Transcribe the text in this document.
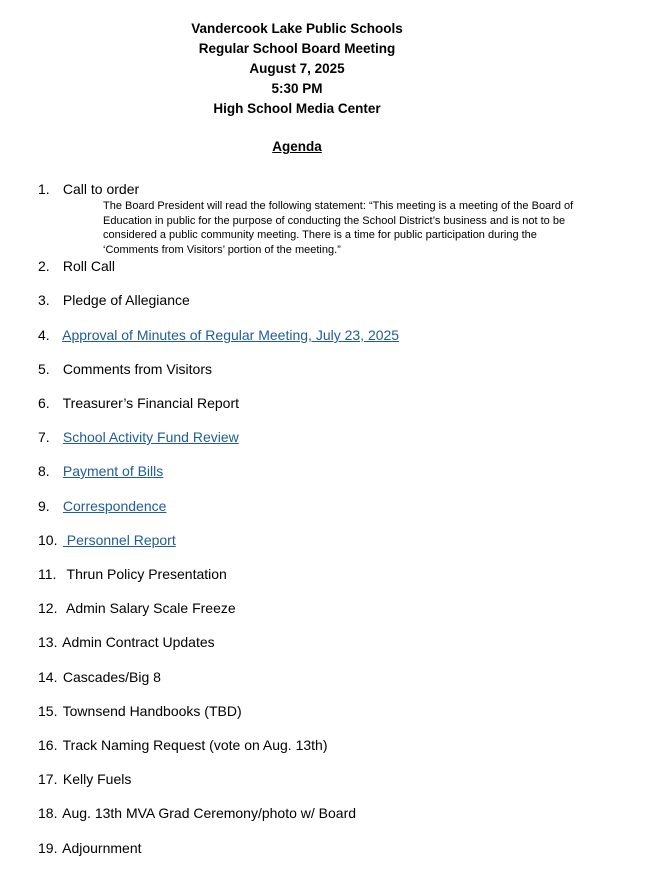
Vandercook Lake Public Schools
Regular School Board Meeting
August 7, 2025
5:30 PM
High School Media Center
Agenda
1. Call to order
The Board President will read the following statement: “This meeting is a meeting of the Board of Education in public for the purpose of conducting the School District’s business and is not to be considered a public community meeting. There is a time for public participation during the ‘Comments from Visitors’ portion of the meeting.”
2. Roll Call
3. Pledge of Allegiance
4. Approval of Minutes of Regular Meeting, July 23, 2025
5. Comments from Visitors
6. Treasurer’s Financial Report
7. School Activity Fund Review
8. Payment of Bills
9. Correspondence
10.  Personnel Report
11.  Thrun Policy Presentation
12.  Admin Salary Scale Freeze
13. Admin Contract Updates
14. Cascades/Big 8
15. Townsend Handbooks (TBD)
16. Track Naming Request (vote on Aug. 13th)
17. Kelly Fuels
18. Aug. 13th MVA Grad Ceremony/photo w/ Board
19. Adjournment
